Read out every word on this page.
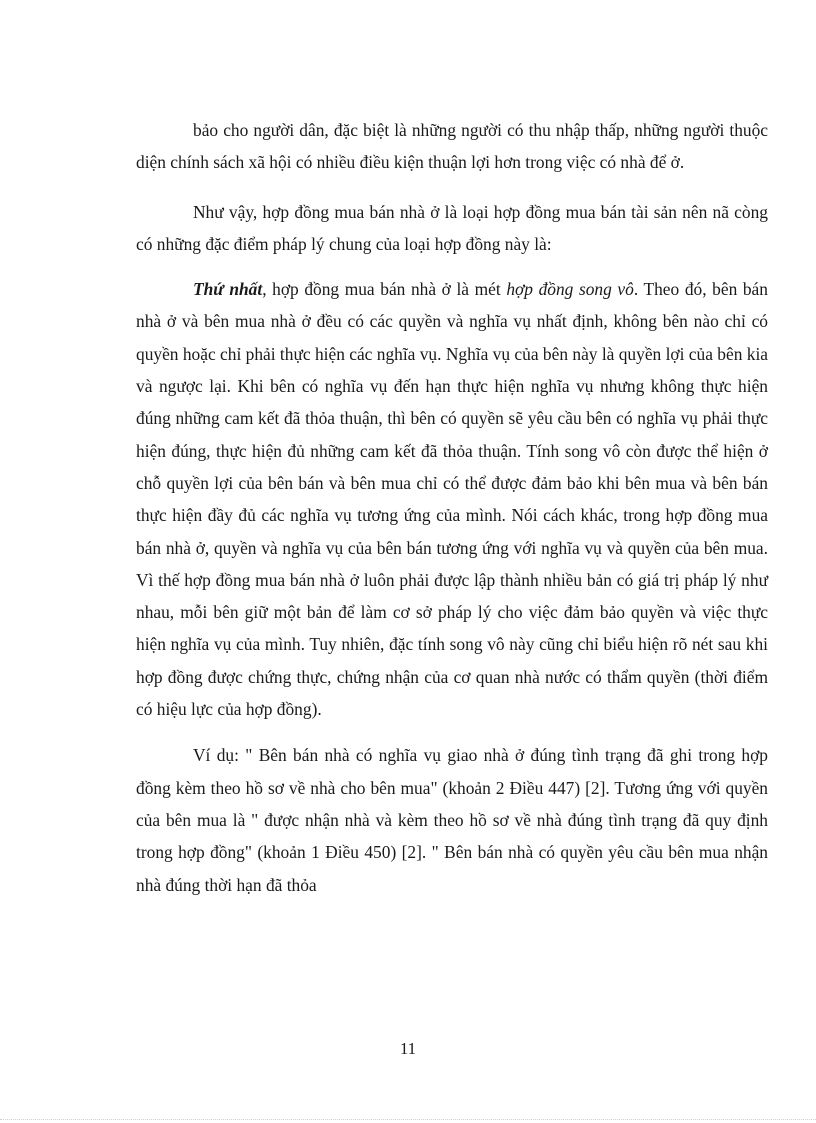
bảo cho người dân, đặc biệt là những người có thu nhập thấp, những người thuộc diện chính sách xã hội có nhiều điều kiện thuận lợi hơn trong việc có nhà để ở.

Như vậy, hợp đồng mua bán nhà ở là loại hợp đồng mua bán tài sản nên nã còng có những đặc điểm pháp lý chung của loại hợp đồng này là:

Thứ nhất, hợp đồng mua bán nhà ở là mét hợp đồng song vô. Theo đó, bên bán nhà ở và bên mua nhà ở đều có các quyền và nghĩa vụ nhất định, không bên nào chỉ có quyền hoặc chỉ phải thực hiện các nghĩa vụ. Nghĩa vụ của bên này là quyền lợi của bên kia và ngược lại. Khi bên có nghĩa vụ đến hạn thực hiện nghĩa vụ nhưng không thực hiện đúng những cam kết đã thỏa thuận, thì bên có quyền sẽ yêu cầu bên có nghĩa vụ phải thực hiện đúng, thực hiện đủ những cam kết đã thỏa thuận. Tính song vô còn được thể hiện ở chỗ quyền lợi của bên bán và bên mua chỉ có thể được đảm bảo khi bên mua và bên bán thực hiện đầy đủ các nghĩa vụ tương ứng của mình. Nói cách khác, trong hợp đồng mua bán nhà ở, quyền và nghĩa vụ của bên bán tương ứng với nghĩa vụ và quyền của bên mua. Vì thế hợp đồng mua bán nhà ở luôn phải được lập thành nhiều bản có giá trị pháp lý như nhau, mỗi bên giữ một bản để làm cơ sở pháp lý cho việc đảm bảo quyền và việc thực hiện nghĩa vụ của mình. Tuy nhiên, đặc tính song vô này cũng chỉ biểu hiện rõ nét sau khi hợp đồng được chứng thực, chứng nhận của cơ quan nhà nước có thẩm quyền (thời điểm có hiệu lực của hợp đồng).

Ví dụ: " Bên bán nhà có nghĩa vụ giao nhà ở đúng tình trạng đã ghi trong hợp đồng kèm theo hồ sơ về nhà cho bên mua" (khoản 2 Điều 447) [2]. Tương ứng với quyền của bên mua là " được nhận nhà và kèm theo hồ sơ về nhà đúng tình trạng đã quy định trong hợp đồng" (khoản 1 Điều 450) [2]. " Bên bán nhà có quyền yêu cầu bên mua nhận nhà đúng thời hạn đã thỏa

11
